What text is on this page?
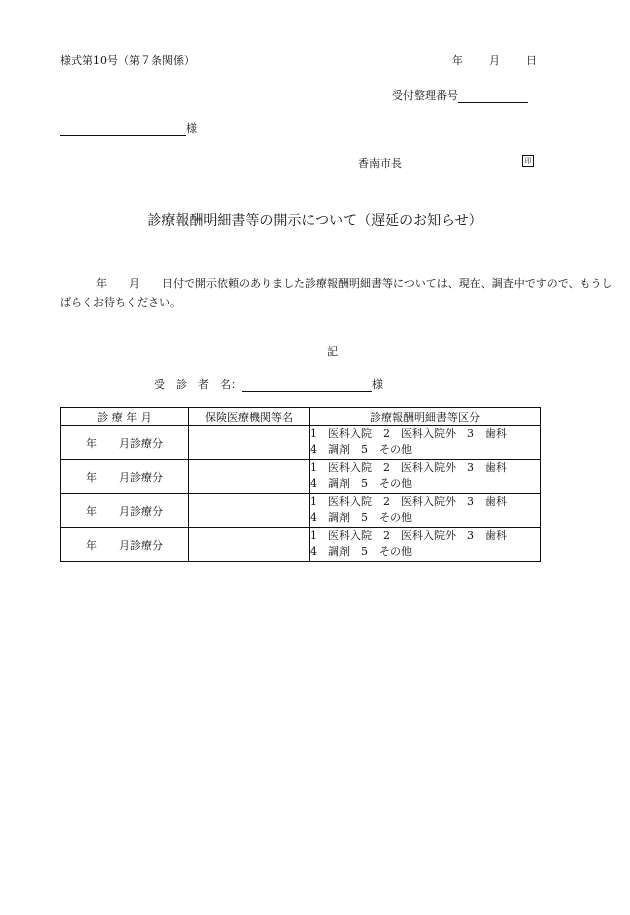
様式第10号（第７条関係）	年 月 日
受付整理番号
様
香南市長	印
診療報酬明細書等の開示について（遅延のお知らせ）
年　　月　　日付で開示依頼のありました診療報酬明細書等については、現在、調査中ですので、もうしばらくお待ちください。
記
受　診　者　名：	様
診 療 年 月	保険医療機関等名	診療報酬明細書等区分
年　　月診療分		1　医科入院　2　医科入院外　3　歯科
4　調剤　5　その他

年　　月診療分		1　医科入院　2　医科入院外　3　歯科
4　調剤　5　その他

年　　月診療分		1　医科入院　2　医科入院外　3　歯科
4　調剤　5　その他

年　　月診療分		1　医科入院　2　医科入院外　3　歯科
4　調剤　5　その他
